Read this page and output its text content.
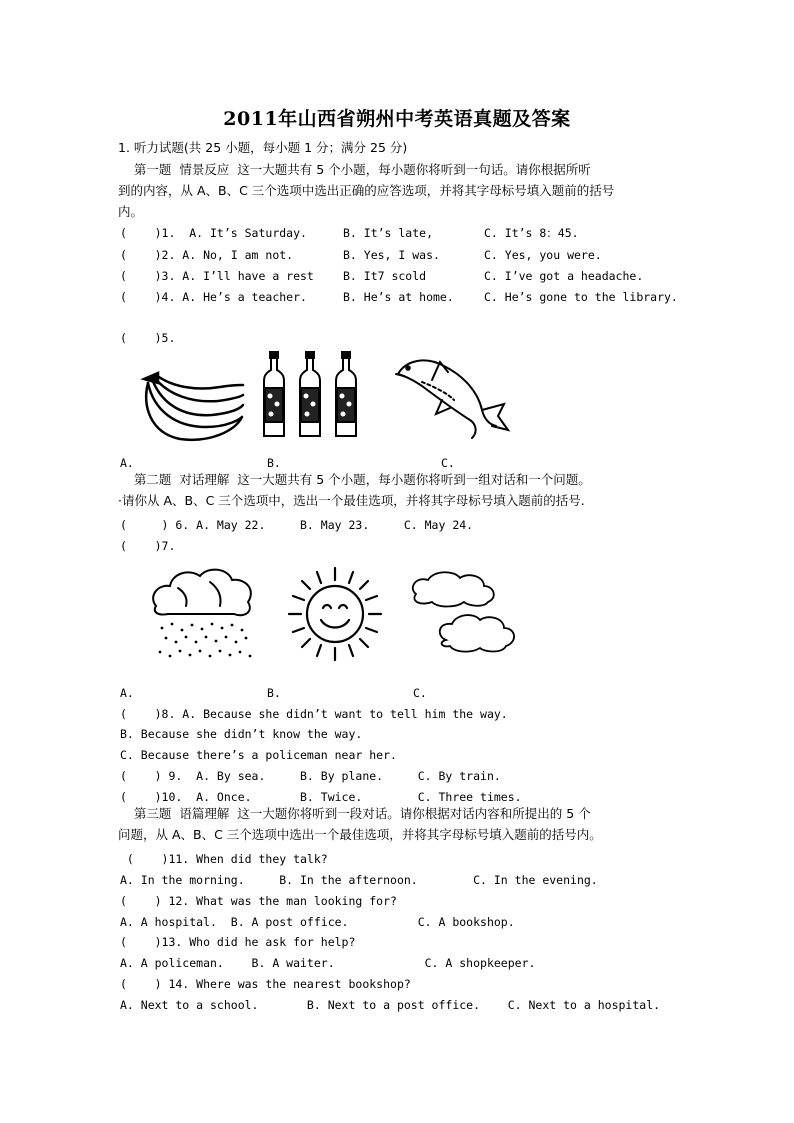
2011年山西省朔州中考英语真题及答案
1. 听力试题(共 25 小题，每小题 1 分；满分 25 分)
第一题  情景反应  这一大题共有 5 个小题，每小题你将听到一句话。请你根据所听
到的内容，从 A、B、C 三个选项中选出正确的应答选项，并将其字母标号填入题前的括号
内。
(    )1.  A. It’s Saturday.	B. It’s late,	C. It’s 8：45.
(    )2. A. No, I am not.	B. Yes, I was.	C. Yes, you were.
(    )3. A. I’ll have a rest	B. It7 scold	C. I’ve got a headache.
(    )4. A. He’s a teacher.	B. He’s at home.	C. He’s gone to the library.
(    )5.
A.	B.	C.
第二题  对话理解  这一大题共有 5 个小题，每小题你将听到一组对话和一个问题。
·请你从 A、B、C 三个选项中，选出一个最佳选项，并将其字母标号填入题前的括号.
(     ) 6. A. May 22.     B. May 23.     C. May 24.
(    )7.
A.	B.	C.
(    )8. A. Because she didn’t want to tell him the way.
B. Because she didn’t know the way.
C. Because there’s a policeman near her.
(    ) 9.  A. By sea.     B. By plane.     C. By train.
(    )10.  A. Once.       B. Twice.        C. Three times.
第三题  语篇理解  这一大题你将听到一段对话。请你根据对话内容和所提出的 5 个
问题，从 A、B、C 三个选项中选出一个最佳选项，并将其字母标号填入题前的括号内。
(    )11. When did they talk?
A. In the morning.     B. In the afternoon.        C. In the evening.
(    ) 12. What was the man looking for?
A. A hospital.  B. A post office.          C. A bookshop.
(    )13. Who did he ask for help?
A. A policeman.    B. A waiter.             C. A shopkeeper.
(    ) 14. Where was the nearest bookshop?
A. Next to a school.       B. Next to a post office.    C. Next to a hospital.
